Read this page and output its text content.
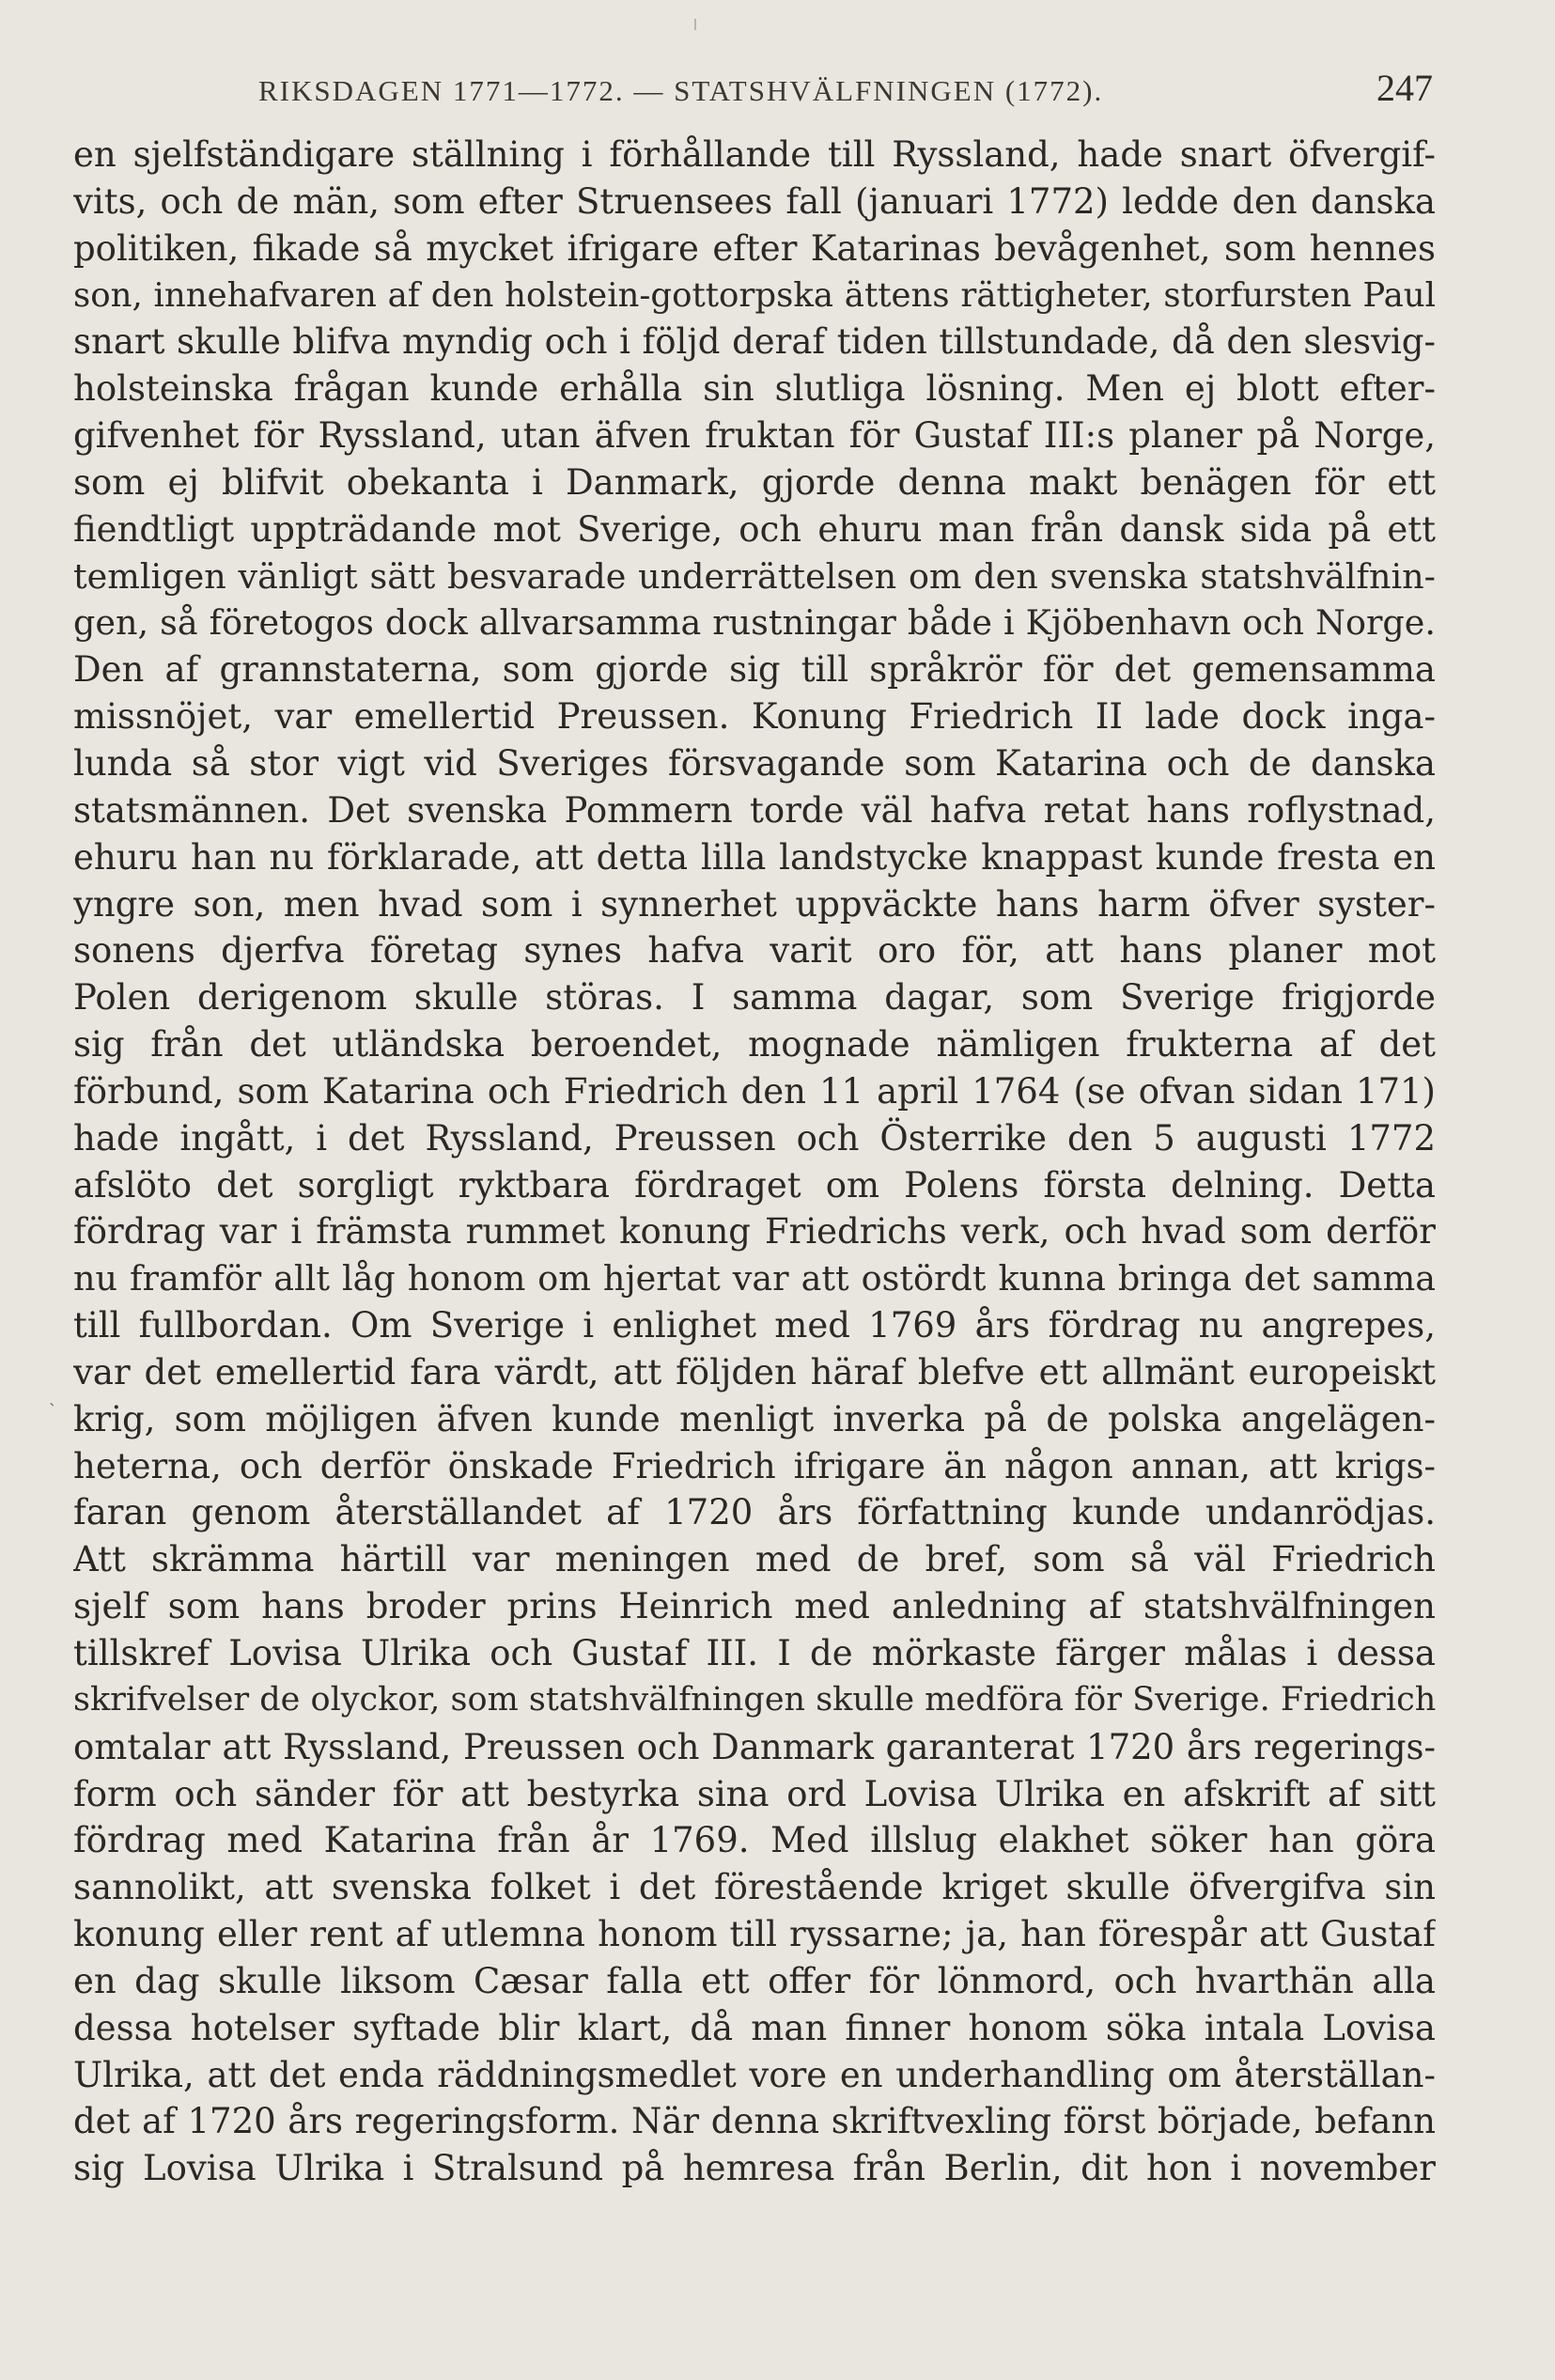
RIKSDAGEN 1771—1772. — STATSHVÄLFNINGEN (1772).	247
ˏ
en sjelfständigare ställning i förhållande till Ryssland, hade snart öfvergif-
vits, och de män, som efter Struensees fall (januari 1772) ledde den danska
politiken, fikade så mycket ifrigare efter Katarinas bevågenhet, som hennes
son, innehafvaren af den holstein-gottorpska ättens rättigheter, storfursten Paul
snart skulle blifva myndig och i följd deraf tiden tillstundade, då den slesvig-
holsteinska frågan kunde erhålla sin slutliga lösning. Men ej blott efter-
gifvenhet för Ryssland, utan äfven fruktan för Gustaf III:s planer på Norge,
som ej blifvit obekanta i Danmark, gjorde denna makt benägen för ett
fiendtligt uppträdande mot Sverige, och ehuru man från dansk sida på ett
temligen vänligt sätt besvarade underrättelsen om den svenska statshvälfnin-
gen, så företogos dock allvarsamma rustningar både i Kjöbenhavn och Norge.
Den af grannstaterna, som gjorde sig till språkrör för det gemensamma
missnöjet, var emellertid Preussen. Konung Friedrich II lade dock inga-
lunda så stor vigt vid Sveriges försvagande som Katarina och de danska
statsmännen. Det svenska Pommern torde väl hafva retat hans roflystnad,
ehuru han nu förklarade, att detta lilla landstycke knappast kunde fresta en
yngre son, men hvad som i synnerhet uppväckte hans harm öfver syster-
sonens djerfva företag synes hafva varit oro för, att hans planer mot
Polen derigenom skulle störas. I samma dagar, som Sverige frigjorde
sig från det utländska beroendet, mognade nämligen frukterna af det
förbund, som Katarina och Friedrich den 11 april 1764 (se ofvan sidan 171)
hade ingått, i det Ryssland, Preussen och Österrike den 5 augusti 1772
afslöto det sorgligt ryktbara fördraget om Polens första delning. Detta
fördrag var i främsta rummet konung Friedrichs verk, och hvad som derför
nu framför allt låg honom om hjertat var att ostördt kunna bringa det samma
till fullbordan. Om Sverige i enlighet med 1769 års fördrag nu angrepes,
var det emellertid fara värdt, att följden häraf blefve ett allmänt europeiskt
krig, som möjligen äfven kunde menligt inverka på de polska angelägen-
heterna, och derför önskade Friedrich ifrigare än någon annan, att krigs-
faran genom återställandet af 1720 års författning kunde undanrödjas.
Att skrämma härtill var meningen med de bref, som så väl Friedrich
sjelf som hans broder prins Heinrich med anledning af statshvälfningen
tillskref Lovisa Ulrika och Gustaf III. I de mörkaste färger målas i dessa
skrifvelser de olyckor, som statshvälfningen skulle medföra för Sverige. Friedrich
omtalar att Ryssland, Preussen och Danmark garanterat 1720 års regerings-
form och sänder för att bestyrka sina ord Lovisa Ulrika en afskrift af sitt
fördrag med Katarina från år 1769. Med illslug elakhet söker han göra
sannolikt, att svenska folket i det förestående kriget skulle öfvergifva sin
konung eller rent af utlemna honom till ryssarne; ja, han förespår att Gustaf
en dag skulle liksom Cæsar falla ett offer för lönmord, och hvarthän alla
dessa hotelser syftade blir klart, då man finner honom söka intala Lovisa
Ulrika, att det enda räddningsmedlet vore en underhandling om återställan-
det af 1720 års regeringsform. När denna skriftvexling först började, befann
sig Lovisa Ulrika i Stralsund på hemresa från Berlin, dit hon i november
